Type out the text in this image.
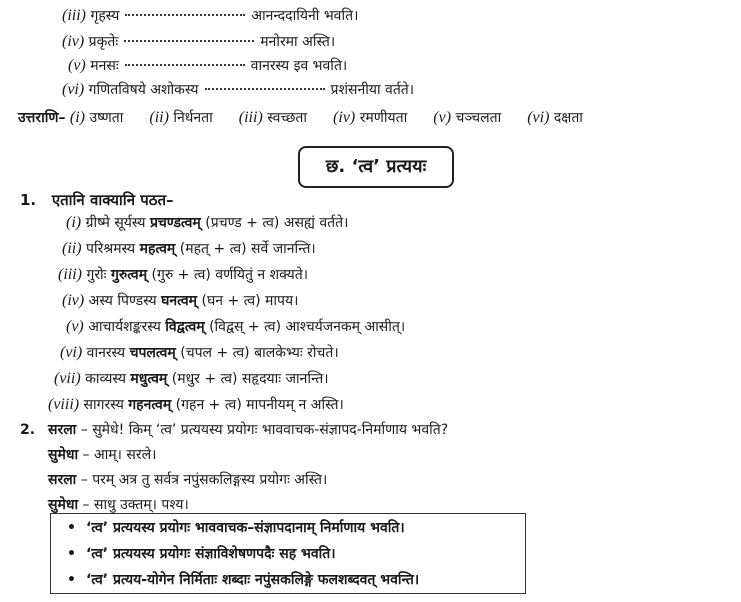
उत्तराणि– (i) उष्णता (ii) निर्धनता (iii) स्वच्छता (iv) रमणीयता (v) चञ्चलता (vi) दक्षता
छ. ‘त्व’ प्रत्ययः
1. एतानि वाक्यानि पठत–
2.
• ‘त्व’ प्रत्ययस्य प्रयोगः भाववाचक–संज्ञापदानाम् निर्माणाय भवति।
• ‘त्व’ प्रत्ययस्य प्रयोगः संज्ञाविशेषणपदैः सह भवति।
• ‘त्व’ प्रत्यय-योगेन निर्मिताः शब्दाः नपुंसकलिङ्गे फलशब्दवत् भवन्ति।
(iii) गृहस्य	आनन्ददायिनी भवति।
(iv) प्रकृतेः	मनोरमा अस्ति।
(v) मनसः	वानरस्य इव भवति।
(vi) गणितविषये अशोकस्य	प्रशंसनीया वर्तते।
(i) ग्रीष्मे सूर्यस्य प्रचण्डत्वम् (प्रचण्ड + त्व) असह्यं वर्तते।
(ii) परिश्रमस्य महत्वम् (महत् + त्व) सर्वे जानन्ति।
(iii) गुरोः गुरुत्वम् (गुरु + त्व) वर्णयितुं न शक्यते।
(iv) अस्य पिण्डस्य घनत्वम् (घन + त्व) मापय।
(v) आचार्यशङ्करस्य विद्वत्वम् (विद्वस् + त्व) आश्चर्यजनकम् आसीत्।
(vi) वानरस्य चपलत्वम् (चपल + त्व) बालकेभ्यः रोचते।
(vii) काव्यस्य मधुत्वम् (मधुर + त्व) सहृदयाः जानन्ति।
(viii) सागरस्य गहनत्वम् (गहन + त्व) मापनीयम् न अस्ति।
सरला – सुमेधे! किम् ‘त्व’ प्रत्ययस्य प्रयोगः भाववाचक-संज्ञापद-निर्माणाय भवति?
सुमेधा – आम्। सरले।
सरला – परम् अत्र तु सर्वत्र नपुंसकलिङ्गस्य प्रयोगः अस्ति।
सुमेधा – साधु उक्तम्। पश्य।
